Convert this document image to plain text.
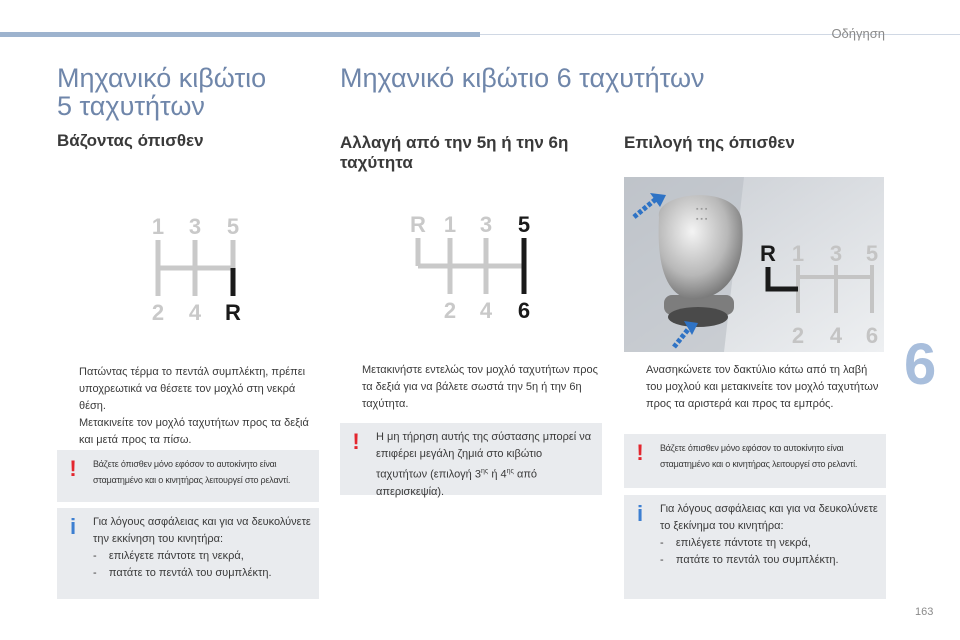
Οδήγηση
6
163
Μηχανικό κιβώτιο
5 ταχυτήτων
Μηχανικό κιβώτιο 6 ταχυτήτων
Βάζοντας όπισθεν	Αλλαγή από την 5η ή την 6η ταχύτητα
Επιλογή της όπισθεν
1 3 5
2 4 R
R 1 3 5
2 4 6
▪ ▪ ▪
▪ ▪ ▪
R 1 3 5
2 4 6
Πατώντας τέρμα το πεντάλ συμπλέκτη, πρέπει υποχρεωτικά να θέσετε τον μοχλό στη νεκρά θέση.
Μετακινείτε τον μοχλό ταχυτήτων προς τα δεξιά και μετά προς τα πίσω.
! Βάζετε όπισθεν μόνο εφόσον το αυτοκίνητο είναι σταματημένο και ο κινητήρας λειτουργεί στο ρελαντί.
i Για λόγους ασφάλειας και για να δευκολύνετε την εκκίνηση του κινητήρα:
- επιλέγετε πάντοτε τη νεκρά,
- πατάτε το πεντάλ του συμπλέκτη.
Μετακινήστε εντελώς τον μοχλό ταχυτήτων προς τα δεξιά για να βάλετε σωστά την 5η ή την 6η ταχύτητα.
! Η μη τήρηση αυτής της σύστασης μπορεί να επιφέρει μεγάλη ζημιά στο κιβώτιο ταχυτήτων (επιλογή $3^{\eta\varsigma}$ ή $4^{\eta\varsigma}$ από απερισκεψία).
Ανασηκώνετε τον δακτύλιο κάτω από τη λαβή του μοχλού και μετακινείτε τον μοχλό ταχυτήτων προς τα αριστερά και προς τα εμπρός.
! Βάζετε όπισθεν μόνο εφόσον το αυτοκίνητο είναι σταματημένο και ο κινητήρας λειτουργεί στο ρελαντί.
i Για λόγους ασφάλειας και για να δευκολύνετε το ξεκίνημα του κινητήρα:
- επιλέγετε πάντοτε τη νεκρά,
- πατάτε το πεντάλ του συμπλέκτη.
